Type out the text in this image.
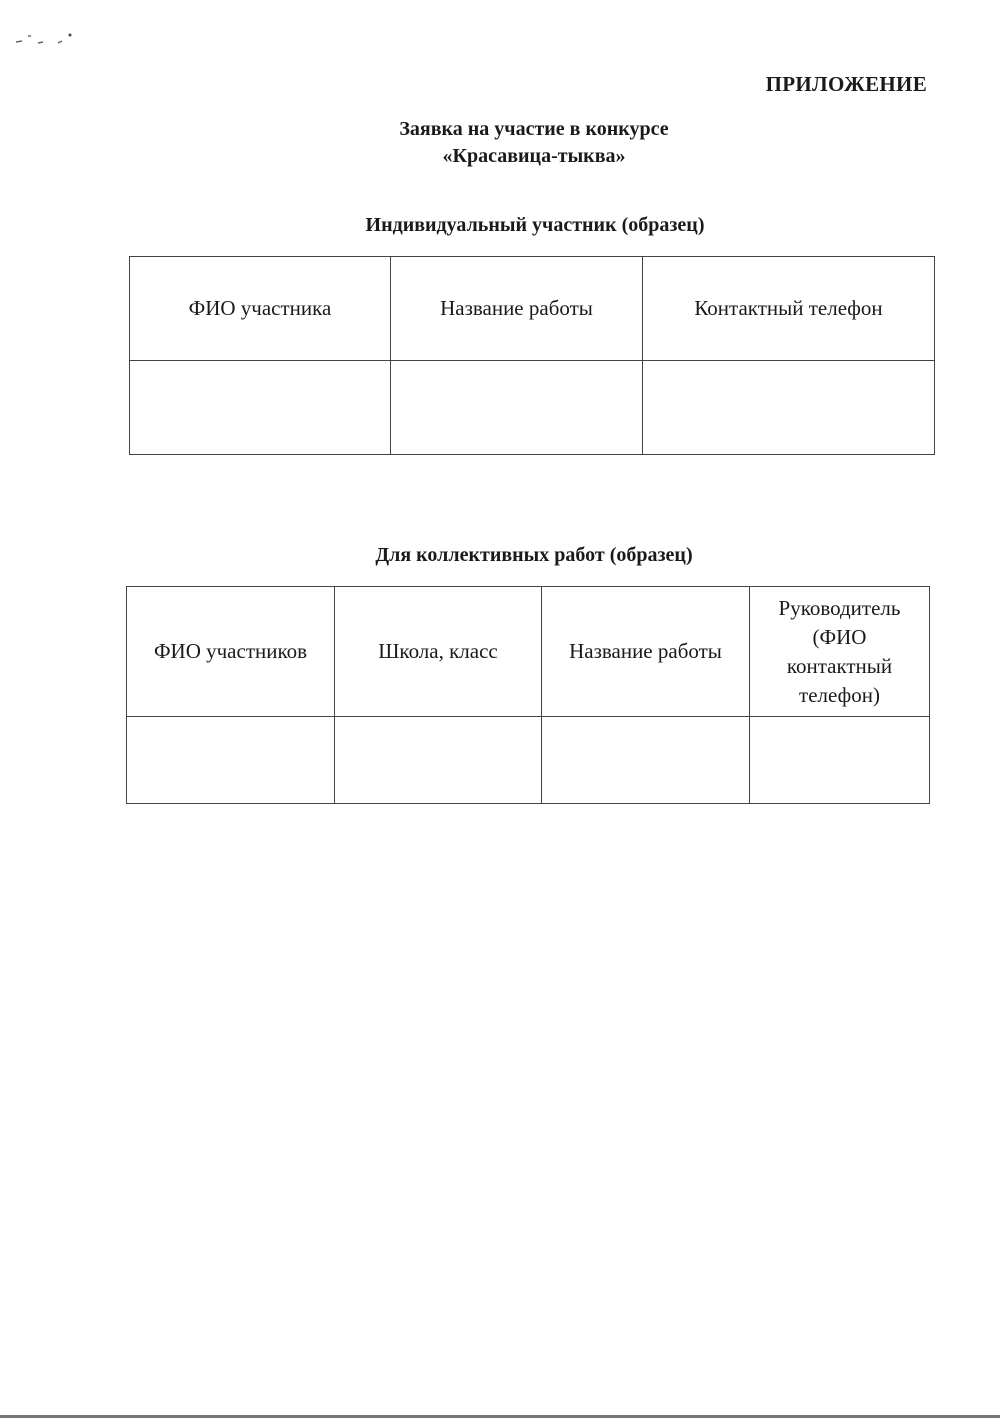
ПРИЛОЖЕНИЕ
Заявка на участие в конкурсе
«Красавица-тыква»
Индивидуальный участник (образец)
ФИО участника	Название работы	Контактный телефон

Для коллективных работ (образец)
ФИО участников	Школа, класс	Название работы	Руководитель
(ФИО
контактный
телефон)
